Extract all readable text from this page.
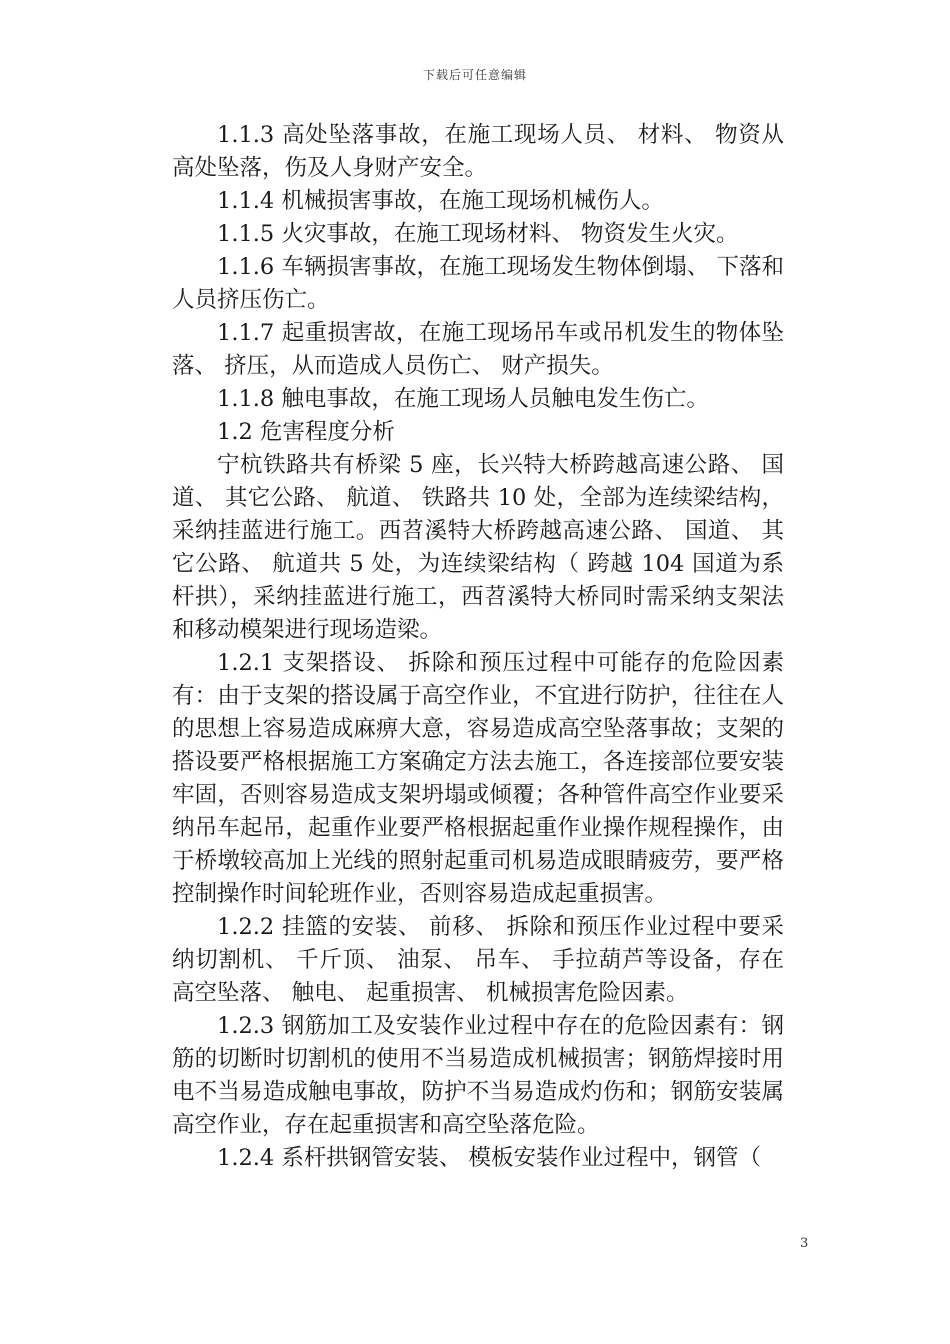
下载后可任意编辑

1.1.3 高处坠落事故，在施工现场人员、 材料、 物资从高处坠落，伤及人身财产安全。

1.1.4 机械损害事故，在施工现场机械伤人。

1.1.5 火灾事故，在施工现场材料、 物资发生火灾。

1.1.6 车辆损害事故，在施工现场发生物体倒塌、 下落和人员挤压伤亡。

1.1.7 起重损害故，在施工现场吊车或吊机发生的物体坠落、 挤压，从而造成人员伤亡、 财产损失。

1.1.8 触电事故，在施工现场人员触电发生伤亡。

1.2 危害程度分析

宁杭铁路共有桥梁 5 座，长兴特大桥跨越高速公路、 国道、 其它公路、 航道、 铁路共 10 处，全部为连续梁结构，采纳挂蓝进行施工。西苕溪特大桥跨越高速公路、 国道、 其它公路、 航道共 5 处，为连续梁结构（ 跨越 104 国道为系杆拱），采纳挂蓝进行施工，西苕溪特大桥同时需采纳支架法和移动模架进行现场造梁。

1.2.1 支架搭设、 拆除和预压过程中可能存的危险因素有：由于支架的搭设属于高空作业，不宜进行防护，往往在人的思想上容易造成麻痹大意，容易造成高空坠落事故；支架的搭设要严格根据施工方案确定方法去施工，各连接部位要安装牢固，否则容易造成支架坍塌或倾覆；各种管件高空作业要采纳吊车起吊，起重作业要严格根据起重作业操作规程操作，由于桥墩较高加上光线的照射起重司机易造成眼睛疲劳，要严格控制操作时间轮班作业，否则容易造成起重损害。

1.2.2 挂篮的安装、 前移、 拆除和预压作业过程中要采纳切割机、 千斤顶、 油泵、 吊车、 手拉葫芦等设备，存在高空坠落、 触电、 起重损害、 机械损害危险因素。

1.2.3 钢筋加工及安装作业过程中存在的危险因素有：钢筋的切断时切割机的使用不当易造成机械损害；钢筋焊接时用电不当易造成触电事故，防护不当易造成灼伤和；钢筋安装属高空作业，存在起重损害和高空坠落危险。

1.2.4 系杆拱钢管安装、 模板安装作业过程中，钢管（

3
